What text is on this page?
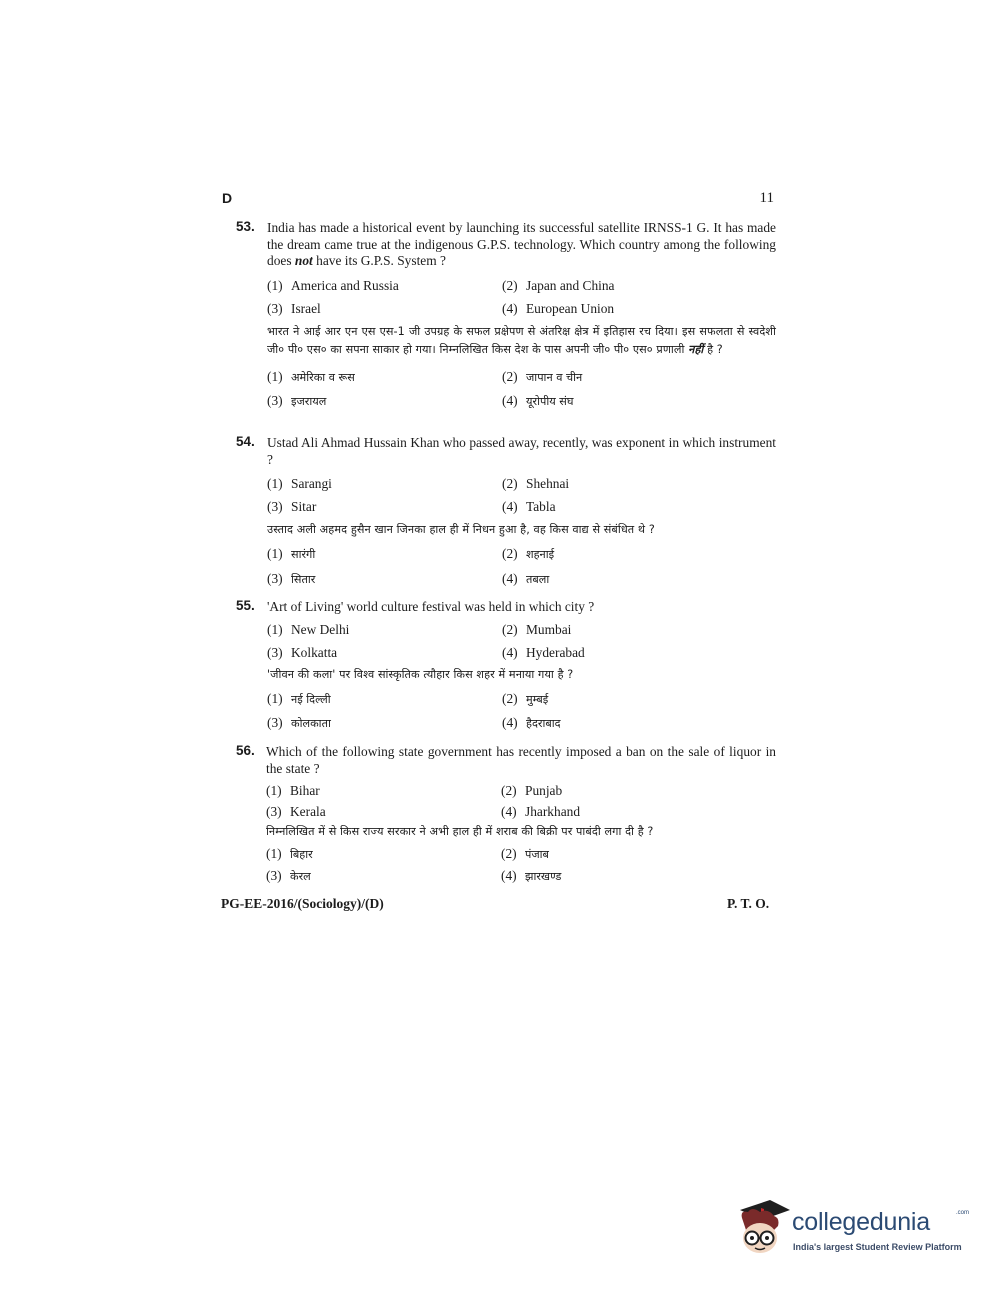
D	11
53. India has made a historical event by launching its successful satellite IRNSS-1 G. It has made the dream came true at the indigenous G.P.S. technology. Which country among the following does not have its G.P.S. System ?
(1) America and Russia	(2) Japan and China
(3) Israel	(4) European Union
भारत ने आई आर एन एस एस-1 जी उपग्रह के सफल प्रक्षेपण से अंतरिक्ष क्षेत्र में इतिहास रच दिया। इस सफलता से स्वदेशी जी० पी० एस० का सपना साकार हो गया। निम्नलिखित किस देश के पास अपनी जी० पी० एस० प्रणाली नहीं है ?
(1) अमेरिका व रूस	(2) जापान व चीन
(3) इजरायल	(4) यूरोपीय संघ
54. Ustad Ali Ahmad Hussain Khan who passed away, recently, was exponent in which instrument ?
(1) Sarangi	(2) Shehnai
(3) Sitar	(4) Tabla
उस्ताद अली अहमद हुसैन खान जिनका हाल ही में निधन हुआ है, वह किस वाद्य से संबंधित थे ?
(1) सारंगी	(2) शहनाई
(3) सितार	(4) तबला
55. 'Art of Living' world culture festival was held in which city ?
(1) New Delhi	(2) Mumbai
(3) Kolkatta	(4) Hyderabad
'जीवन की कला' पर विश्व सांस्कृतिक त्यौहार किस शहर में मनाया गया है ?
(1) नई दिल्ली	(2) मुम्बई
(3) कोलकाता	(4) हैदराबाद
56. Which of the following state government has recently imposed a ban on the sale of liquor in the state ?
(1) Bihar	(2) Punjab
(3) Kerala	(4) Jharkhand
निम्नलिखित में से किस राज्य सरकार ने अभी हाल ही में शराब की बिक्री पर पाबंदी लगा दी है ?
(1) बिहार	(2) पंजाब
(3) केरल	(4) झारखण्ड
PG-EE-2016/(Sociology)/(D)	P. T. O.
collegedunia	.com
India's largest Student Review Platform
